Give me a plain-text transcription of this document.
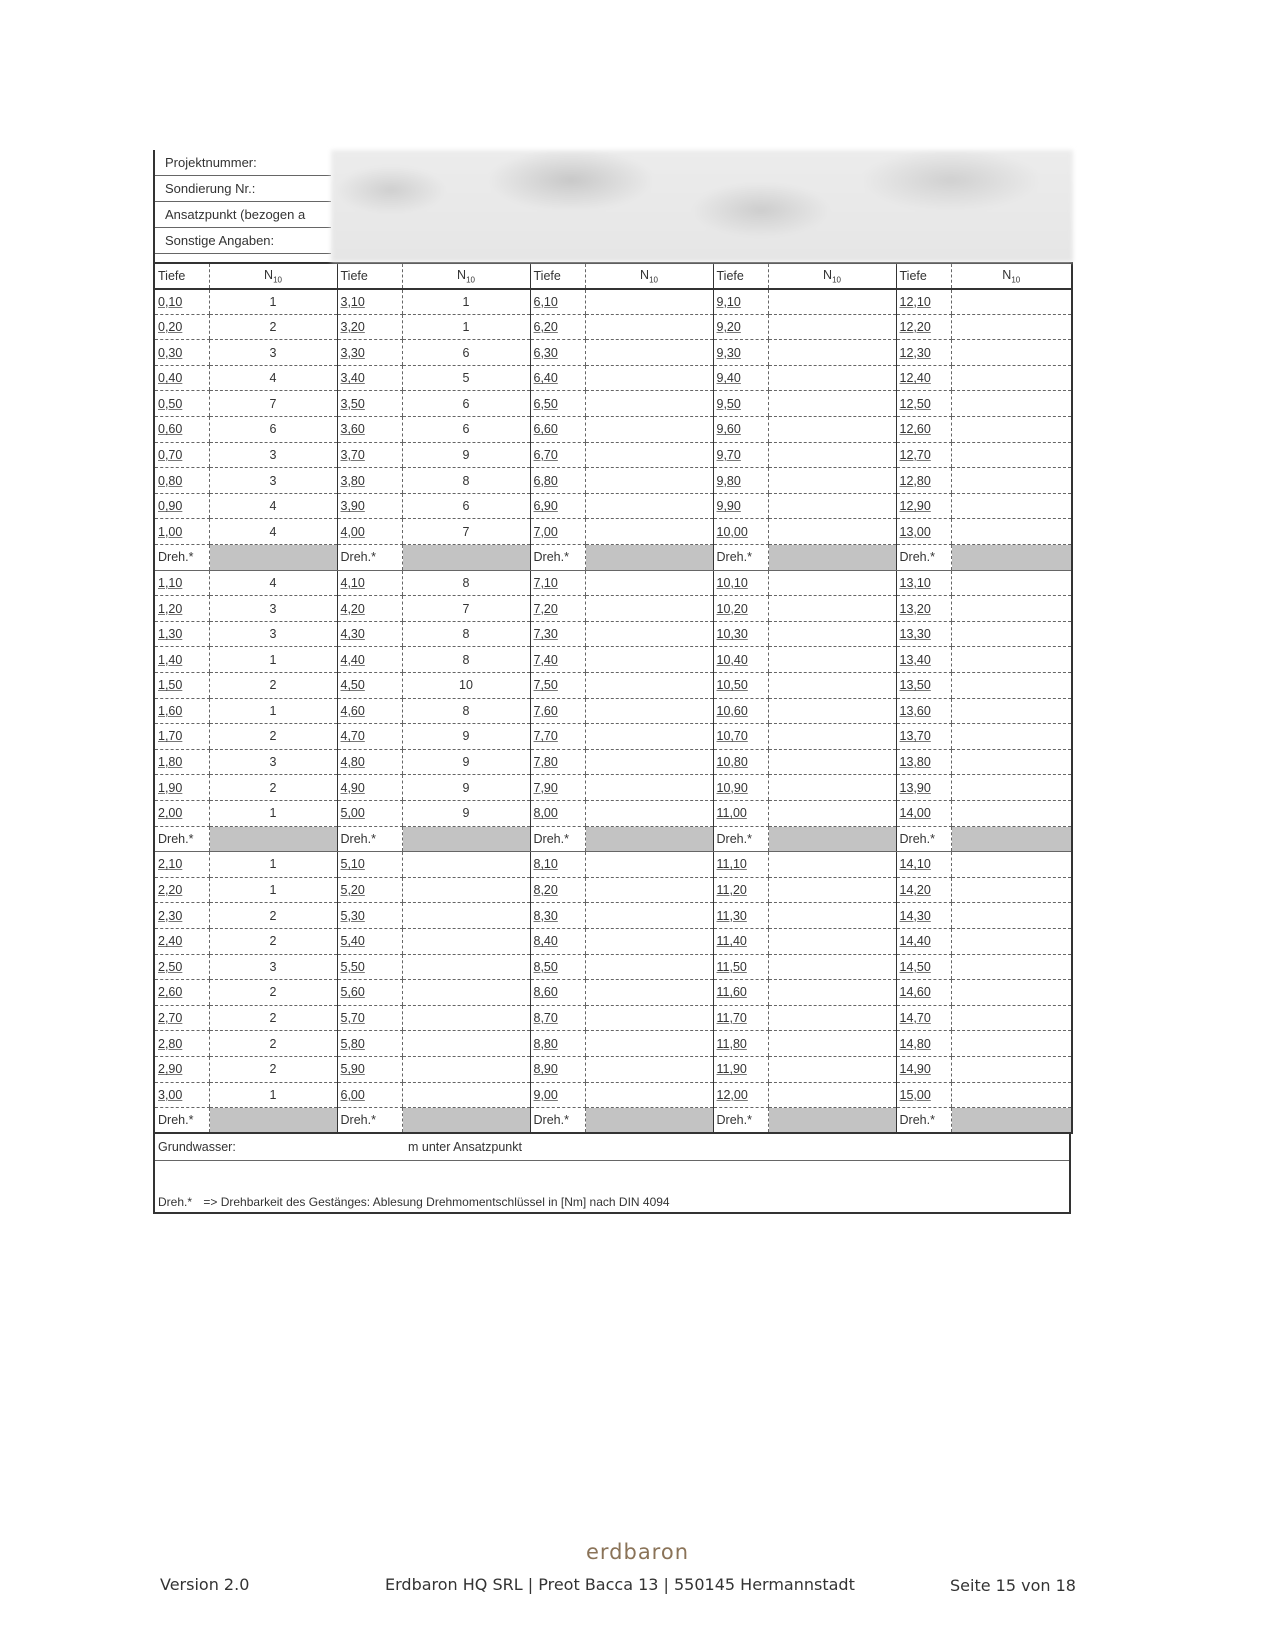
Projektnummer:
Sondierung Nr.:
Ansatzpunkt (bezogen a
Sonstige Angaben:
Tiefe	$N_{10}$	Tiefe	$N_{10}$	Tiefe	$N_{10}$	Tiefe	$N_{10}$	Tiefe	$N_{10}$
0,10	1	3,10	1	6,10		9,10		12,10	
0,20	2	3,20	1	6,20		9,20		12,20	
0,30	3	3,30	6	6,30		9,30		12,30	
0,40	4	3,40	5	6,40		9,40		12,40	
0,50	7	3,50	6	6,50		9,50		12,50	
0,60	6	3,60	6	6,60		9,60		12,60	
0,70	3	3,70	9	6,70		9,70		12,70	
0,80	3	3,80	8	6,80		9,80		12,80	
0,90	4	3,90	6	6,90		9,90		12,90	
1,00	4	4,00	7	7,00		10,00		13,00	
Dreh.*		Dreh.*		Dreh.*		Dreh.*		Dreh.*	
1,10	4	4,10	8	7,10		10,10		13,10	
1,20	3	4,20	7	7,20		10,20		13,20	
1,30	3	4,30	8	7,30		10,30		13,30	
1,40	1	4,40	8	7,40		10,40		13,40	
1,50	2	4,50	10	7,50		10,50		13,50	
1,60	1	4,60	8	7,60		10,60		13,60	
1,70	2	4,70	9	7,70		10,70		13,70	
1,80	3	4,80	9	7,80		10,80		13,80	
1,90	2	4,90	9	7,90		10,90		13,90	
2,00	1	5,00	9	8,00		11,00		14,00	
Dreh.*		Dreh.*		Dreh.*		Dreh.*		Dreh.*	
2,10	1	5,10		8,10		11,10		14,10	
2,20	1	5,20		8,20		11,20		14,20	
2,30	2	5,30		8,30		11,30		14,30	
2,40	2	5,40		8,40		11,40		14,40	
2,50	3	5,50		8,50		11,50		14,50	
2,60	2	5,60		8,60		11,60		14,60	
2,70	2	5,70		8,70		11,70		14,70	
2,80	2	5,80		8,80		11,80		14,80	
2,90	2	5,90		8,90		11,90		14,90	
3,00	1	6,00		9,00		12,00		15,00	
Dreh.*		Dreh.*		Dreh.*		Dreh.*		Dreh.*	
Grundwasser:	m unter Ansatzpunkt
Dreh.* => Drehbarkeit des Gestänges: Ablesung Drehmomentschlüssel in [Nm] nach DIN 4094
erdbaron
Version 2.0	Erdbaron HQ SRL | Preot Bacca 13 | 550145 Hermannstadt	Seite 15 von 18
